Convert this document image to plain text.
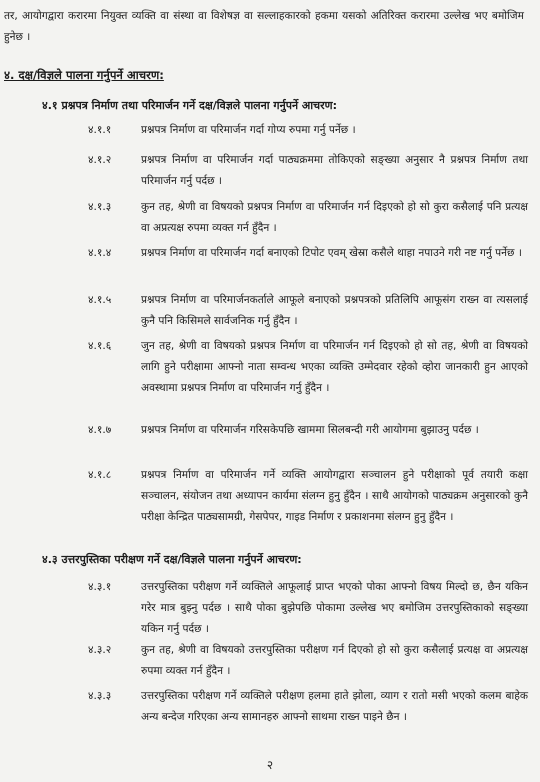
तर, आयोगद्वारा करारमा नियुक्त व्यक्ति वा संस्था वा विशेषज्ञ वा सल्लाहकारको हकमा यसको अतिरिक्त करारमा उल्लेख भए बमोजिम हुनेछ ।
४. दक्ष/विज्ञले पालना गर्नुपर्ने आचरण:
४.१ प्रश्नपत्र निर्माण तथा परिमार्जन गर्ने दक्ष/विज्ञले पालना गर्नुपर्ने आचरण:
४.१.१	प्रश्नपत्र निर्माण वा परिमार्जन गर्दा गोप्य रुपमा गर्नु पर्नेछ ।
४.१.२	प्रश्नपत्र निर्माण वा परिमार्जन गर्दा पाठ्यक्रममा तोकिएको सङ्ख्या अनुसार नै प्रश्नपत्र निर्माण तथा परिमार्जन गर्नु पर्दछ ।
४.१.३	कुन तह, श्रेणी वा विषयको प्रश्नपत्र निर्माण वा परिमार्जन गर्न दिइएको हो सो कुरा कसैलाई पनि प्रत्यक्ष वा अप्रत्यक्ष रुपमा व्यक्त गर्न हुँदैन ।
४.१.४	प्रश्नपत्र निर्माण वा परिमार्जन गर्दा बनाएको टिपोट एवम् खेस्रा कसैले थाहा नपाउने गरी नष्ट गर्नु पर्नेछ ।
४.१.५	प्रश्नपत्र निर्माण वा परिमार्जनकर्ताले आफूले बनाएको प्रश्नपत्रको प्रतिलिपि आफूसंग राख्न वा त्यसलाई कुनै पनि किसिमले सार्वजनिक गर्नु हुँदैन ।
४.१.६	जुन तह, श्रेणी वा विषयको प्रश्नपत्र निर्माण वा परिमार्जन गर्न दिइएको हो सो तह, श्रेणी वा विषयको लागि हुने परीक्षामा आफ्नो नाता सम्वन्ध भएका व्यक्ति उम्मेदवार रहेको व्होरा जानकारी हुन आएको अवस्थामा प्रश्नपत्र निर्माण वा परिमार्जन गर्नु हुँदैन ।
४.१.७	प्रश्नपत्र निर्माण वा परिमार्जन गरिसकेपछि खाममा सिलबन्दी गरी आयोगमा बुझाउनु पर्दछ ।
४.१.८	प्रश्नपत्र निर्माण वा परिमार्जन गर्ने व्यक्ति आयोगद्वारा सञ्चालन हुने परीक्षाको पूर्व तयारी कक्षा सञ्चालन, संयोजन तथा अध्यापन कार्यमा संलग्न हुनु हुँदैन । साथै आयोगको पाठ्यक्रम अनुसारको कुनै परीक्षा केन्द्रित पाठ्यसामग्री, गेसपेपर, गाइड निर्माण र प्रकाशनमा संलग्न हुनु हुँदैन ।
४.३ उत्तरपुस्तिका परीक्षण गर्ने दक्ष/विज्ञले पालना गर्नुपर्ने आचरण:
४.३.१	उत्तरपुस्तिका परीक्षण गर्ने व्यक्तिले आफूलाई प्राप्त भएको पोका आफ्नो विषय मिल्दो छ, छैन यकिन गरेर मात्र बुझ्नु पर्दछ । साथै पोका बुझेपछि पोकामा उल्लेख भए बमोजिम उत्तरपुस्तिकाको सङ्ख्या यकिन गर्नु पर्दछ ।
४.३.२	कुन तह, श्रेणी वा विषयको उत्तरपुस्तिका परीक्षण गर्न दिएको हो सो कुरा कसैलाई प्रत्यक्ष वा अप्रत्यक्ष रुपमा व्यक्त गर्न हुँदैन ।
४.३.३	उत्तरपुस्तिका परीक्षण गर्ने व्यक्तिले परीक्षण हलमा हाते झोला, व्याग र रातो मसी भएको कलम बाहेक अन्य बन्देज गरिएका अन्य सामानहरु आफ्नो साथमा राख्न पाइने छैन ।
२
